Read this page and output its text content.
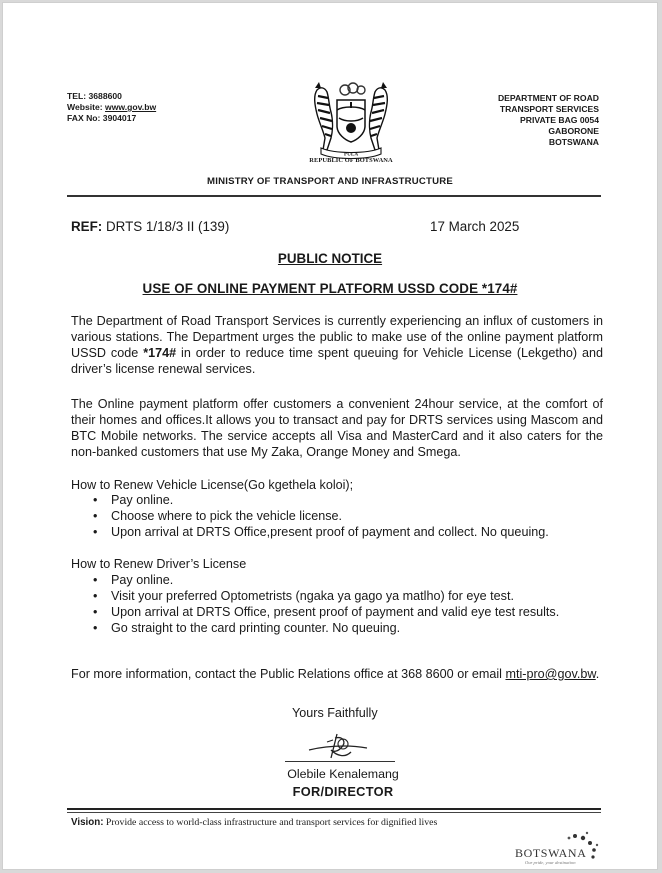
TEL: 3688600
Website: www.gov.bw
FAX No: 3904017
PULA
REPUBLIC OF BOTSWANA
DEPARTMENT OF ROAD
TRANSPORT SERVICES
PRIVATE BAG 0054
GABORONE
BOTSWANA
MINISTRY OF TRANSPORT AND INFRASTRUCTURE
REF: DRTS 1/18/3 II (139)	17 March 2025
PUBLIC NOTICE
USE OF ONLINE PAYMENT PLATFORM USSD CODE *174#

The Department of Road Transport Services is currently experiencing an influx of customers in various stations. The Department urges the public to make use of the online payment platform USSD code *174# in order to reduce time spent queuing for Vehicle License (Lekgetho) and driver’s license renewal services.

The Online payment platform offer customers a convenient 24hour service, at the comfort of their homes and offices.It allows you to transact and pay for DRTS services using Mascom and BTC Mobile networks. The service accepts all Visa and MasterCard and it also caters for the non-banked customers that use My Zaka, Orange Money and Smega.

How to Renew Vehicle License(Go kgethela koloi);
• Pay online.
• Choose where to pick the vehicle license.
• Upon arrival at DRTS Office,present proof of payment and collect. No queuing.
How to Renew Driver’s License
• Pay online.
• Visit your preferred Optometrists (ngaka ya gago ya matlho) for eye test.
• Upon arrival at DRTS Office, present proof of payment and valid eye test results.
• Go straight to the card printing counter. No queuing.

For more information, contact the Public Relations office at 368 8600 or email mti-pro@gov.bw.

Yours Faithfully
Olebile Kenalemang
FOR/DIRECTOR
Vision: Provide access to world-class infrastructure and transport services for dignified lives
BOTSWANA
Our pride, your destination
